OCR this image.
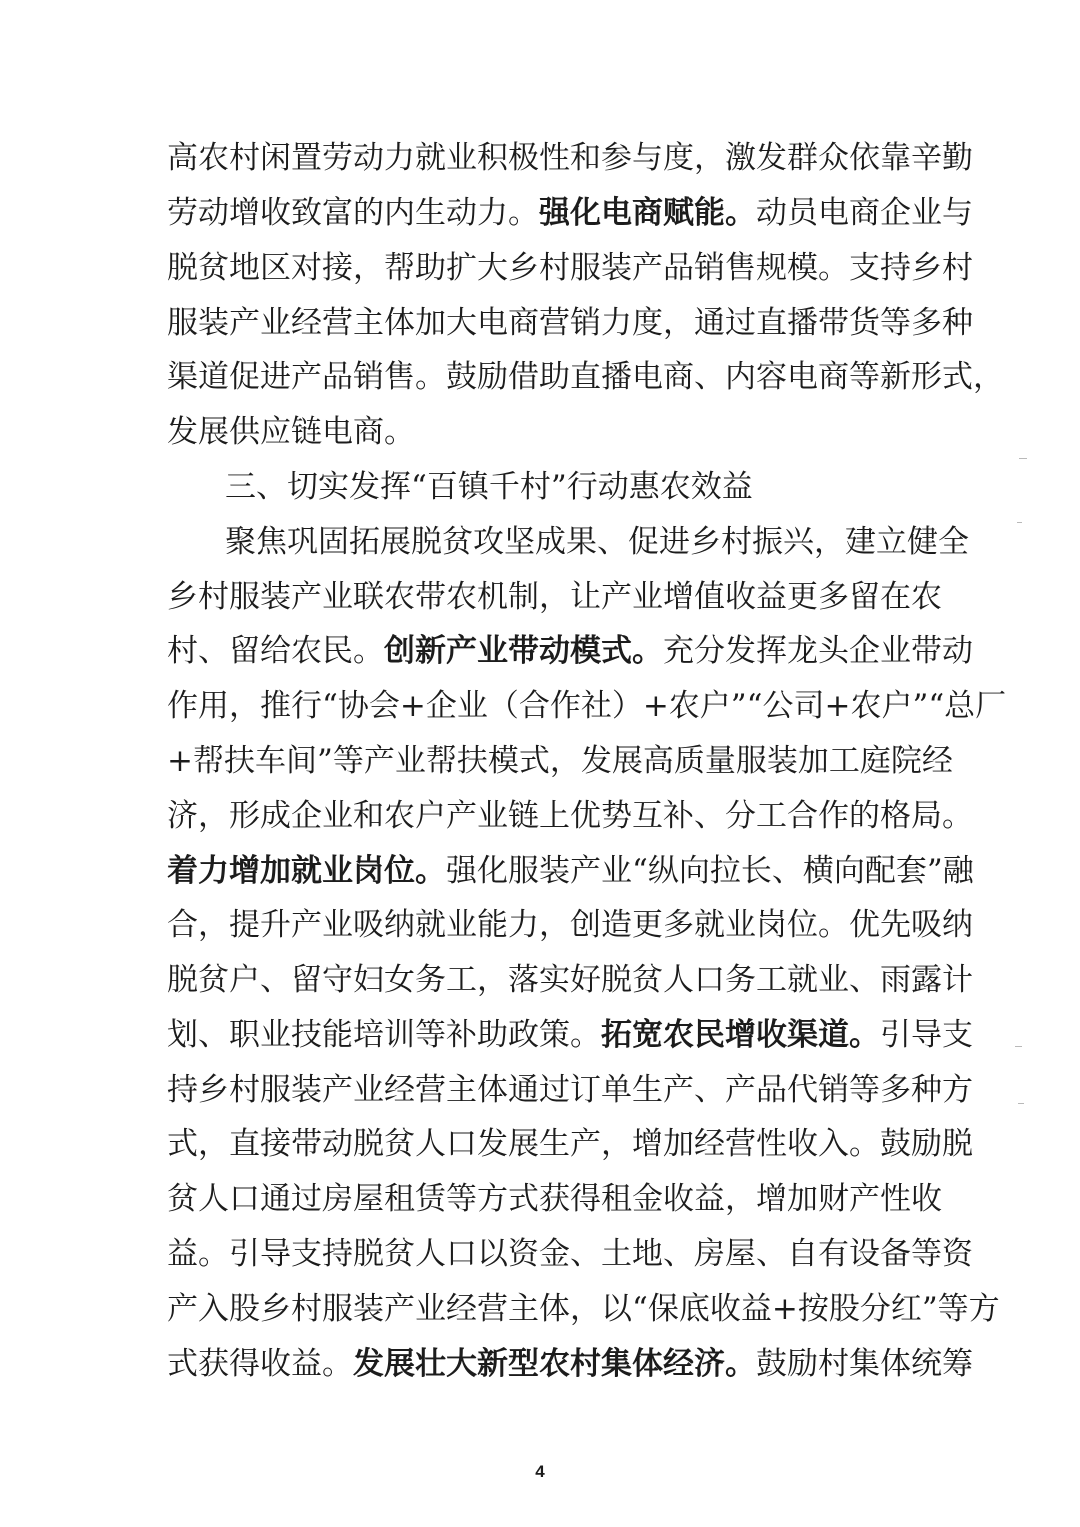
高农村闲置劳动力就业积极性和参与度，激发群众依靠辛勤
劳动增收致富的内生动力。强化电商赋能。动员电商企业与
脱贫地区对接，帮助扩大乡村服装产品销售规模。支持乡村
服装产业经营主体加大电商营销力度，通过直播带货等多种
渠道促进产品销售。鼓励借助直播电商、内容电商等新形式，
发展供应链电商。
三、切实发挥“百镇千村”行动惠农效益
聚焦巩固拓展脱贫攻坚成果、促进乡村振兴，建立健全
乡村服装产业联农带农机制，让产业增值收益更多留在农
村、留给农民。创新产业带动模式。充分发挥龙头企业带动
作用，推行“协会+企业（合作社）+农户”“公司+农户”“总厂
+帮扶车间”等产业帮扶模式，发展高质量服装加工庭院经
济，形成企业和农户产业链上优势互补、分工合作的格局。
着力增加就业岗位。强化服装产业“纵向拉长、横向配套”融
合，提升产业吸纳就业能力，创造更多就业岗位。优先吸纳
脱贫户、留守妇女务工，落实好脱贫人口务工就业、雨露计
划、职业技能培训等补助政策。拓宽农民增收渠道。引导支
持乡村服装产业经营主体通过订单生产、产品代销等多种方
式，直接带动脱贫人口发展生产，增加经营性收入。鼓励脱
贫人口通过房屋租赁等方式获得租金收益，增加财产性收
益。引导支持脱贫人口以资金、土地、房屋、自有设备等资
产入股乡村服装产业经营主体，以“保底收益+按股分红”等方
式获得收益。发展壮大新型农村集体经济。鼓励村集体统筹
4
